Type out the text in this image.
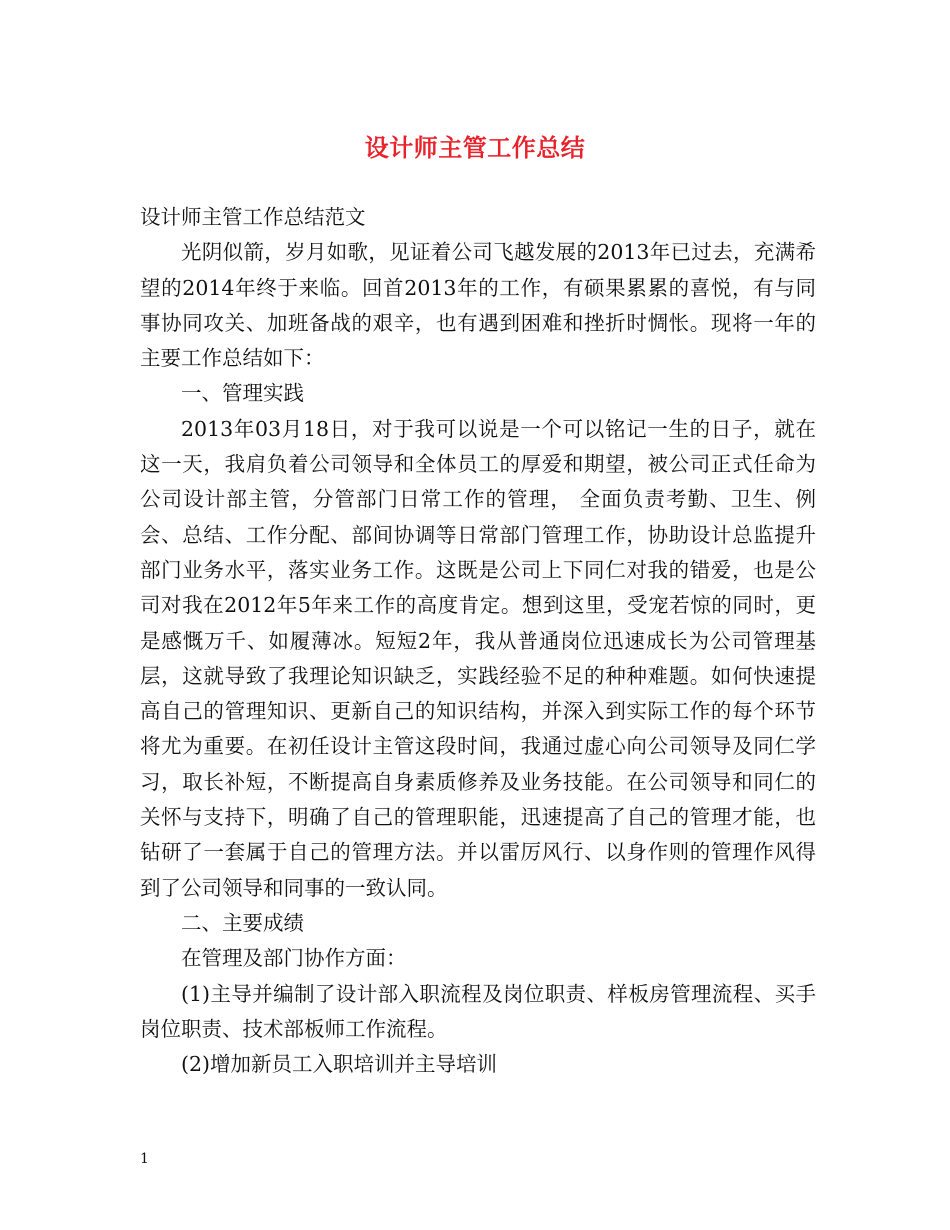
设计师主管工作总结

设计师主管工作总结范文

光阴似箭，岁月如歌，见证着公司飞越发展的2013年已过去，充满希望的2014年终于来临。回首2013年的工作，有硕果累累的喜悦，有与同事协同攻关、加班备战的艰辛，也有遇到困难和挫折时惆怅。现将一年的主要工作总结如下：

一、管理实践

2013年03月18日，对于我可以说是一个可以铭记一生的日子，就在这一天，我肩负着公司领导和全体员工的厚爱和期望，被公司正式任命为公司设计部主管，分管部门日常工作的管理， 全面负责考勤、卫生、例会、总结、工作分配、部间协调等日常部门管理工作，协助设计总监提升部门业务水平，落实业务工作。这既是公司上下同仁对我的错爱，也是公司对我在2012年5年来工作的高度肯定。想到这里，受宠若惊的同时，更是感慨万千、如履薄冰。短短2年，我从普通岗位迅速成长为公司管理基层，这就导致了我理论知识缺乏，实践经验不足的种种难题。如何快速提高自己的管理知识、更新自己的知识结构，并深入到实际工作的每个环节将尤为重要。在初任设计主管这段时间，我通过虚心向公司领导及同仁学习，取长补短，不断提高自身素质修养及业务技能。在公司领导和同仁的关怀与支持下，明确了自己的管理职能，迅速提高了自己的管理才能，也钻研了一套属于自己的管理方法。并以雷厉风行、以身作则的管理作风得到了公司领导和同事的一致认同。

二、主要成绩

在管理及部门协作方面：

(1)主导并编制了设计部入职流程及岗位职责、样板房管理流程、买手岗位职责、技术部板师工作流程。

(2)增加新员工入职培训并主导培训

1
